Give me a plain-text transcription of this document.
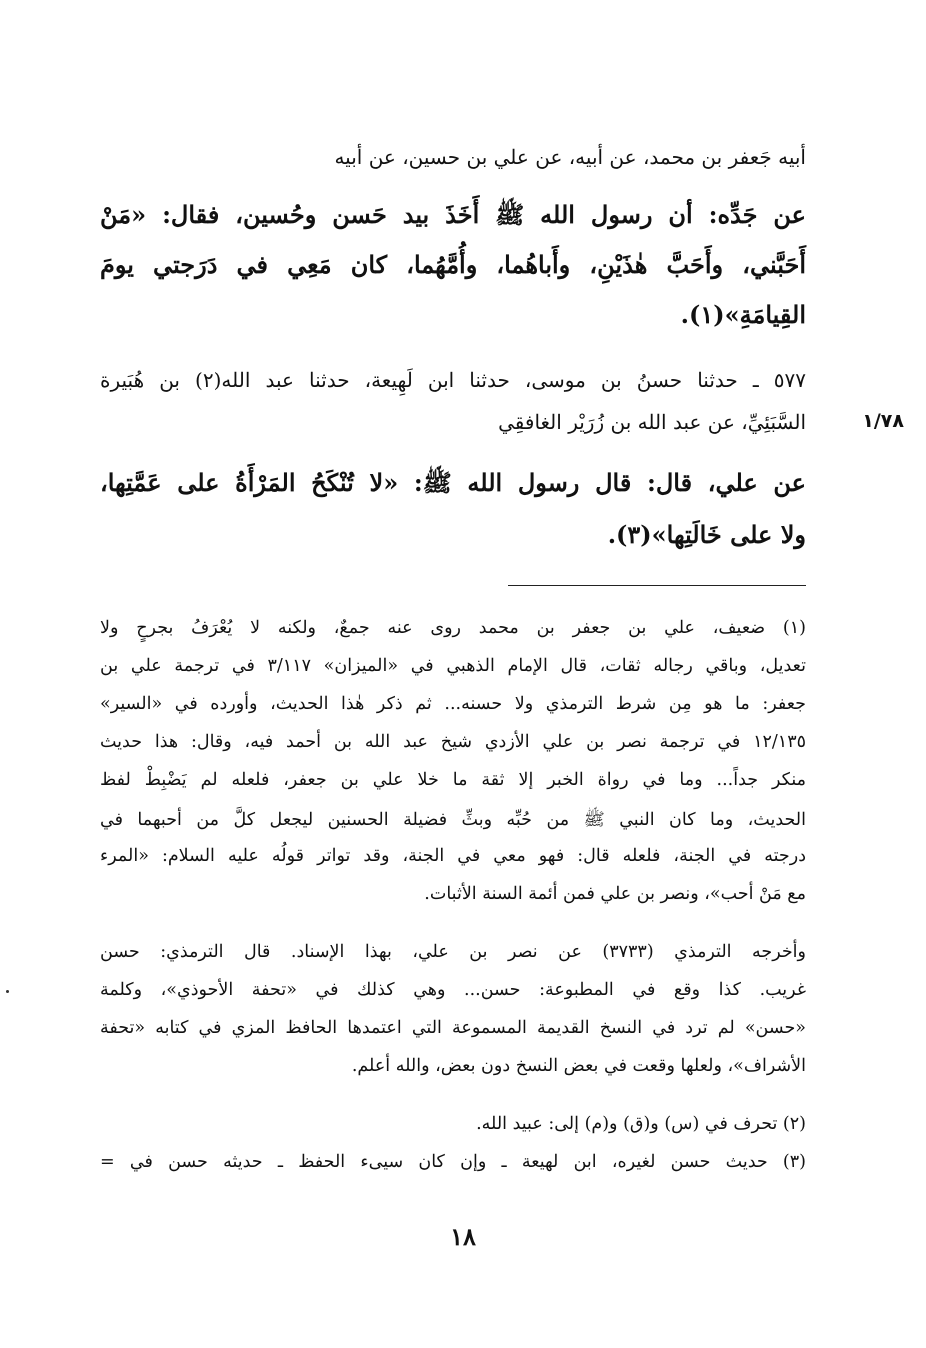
أبيه جَعفر بن محمد، عن أبيه، عن علي بن حسين، عن أبيه

عن جَدِّه: أن رسول الله ﷺ أَخَذَ بيد حَسن وحُسين، فقال: «مَنْ

أَحَبَّني، وأَحَبَّ هٰذَيْنِ، وأَباهُما، وأُمَّهُما، كان مَعِي في دَرَجتي يومَ

القِيامَةِ»(١).

٥٧٧ ـ حدثنا حسنُ بن موسى، حدثنا ابن لَهِيعة، حدثنا عبد الله(٢) بن هُبَيرة

السَّبَئِيِّ، عن عبد الله بن زُرَيْر الغافقِي	١/٧٨

عن علي، قال: قال رسول الله ﷺ: «لا تُنْكَحُ المَرْأَةُ على عَمَّتِها،

ولا على خَالَتِها»(٣).

(١) ضعيف، علي بن جعفر بن محمد روى عنه جمعٌ، ولكنه لا يُعْرَفُ بجرحٍ ولا

تعديل، وباقي رجاله ثقات، قال الإمام الذهبي في «الميزان» ٣/١١٧ في ترجمة علي بن

جعفر: ما هو مِن شرط الترمذي ولا حسنه... ثم ذكر هٰذا الحديث، وأورده في «السير»

١٢/١٣٥ في ترجمة نصر بن علي الأزدي شيخ عبد الله بن أحمد فيه، وقال: هذا حديث

منكر جداً... وما في رواة الخبر إلا ثقة ما خلا علي بن جعفر، فلعله لم يَضْبِطْ لفظ

الحديث، وما كان النبي ﷺ من حُبِّه وبثِّ فضيلة الحسنين ليجعل كلَّ من أحبهما في

درجته في الجنة، فلعله قال: فهو معي في الجنة، وقد تواتر قولُه عليه السلام: «المرء

مع مَنْ أحب»، ونصر بن علي فمن أئمة السنة الأثبات.

وأخرجه الترمذي (٣٧٣٣) عن نصر بن علي، بهذا الإسناد. قال الترمذي: حسن

غريب. كذا وقع في المطبوعة: حسن... وهي كذلك في «تحفة الأحوذي»، وكلمة

«حسن» لم ترد في النسخ القديمة المسموعة التي اعتمدها الحافظ المزي في كتابه «تحفة

الأشراف»، ولعلها وقعت في بعض النسخ دون بعض، والله أعلم.

(٢) تحرف في (س) و(ق) و(م) إلى: عبيد الله.

(٣) حديث حسن لغيره، ابن لهيعة ـ وإن كان سيىء الحفظ ـ حديثه حسن في =

١٨
